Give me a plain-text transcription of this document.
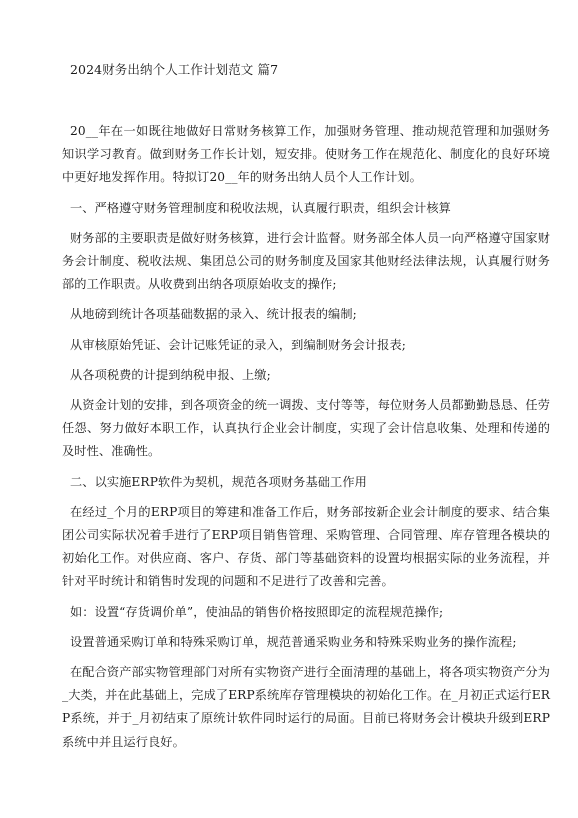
2024财务出纳个人工作计划范文 篇7

20__年在一如既往地做好日常财务核算工作，加强财务管理、推动规范管理和加强财务知识学习教育。做到财务工作长计划，短安排。使财务工作在规范化、制度化的良好环境中更好地发挥作用。特拟订20__年的财务出纳人员个人工作计划。

一、严格遵守财务管理制度和税收法规，认真履行职责，组织会计核算

财务部的主要职责是做好财务核算，进行会计监督。财务部全体人员一向严格遵守国家财务会计制度、税收法规、集团总公司的财务制度及国家其他财经法律法规，认真履行财务部的工作职责。从收费到出纳各项原始收支的操作;

从地磅到统计各项基础数据的录入、统计报表的编制;

从审核原始凭证、会计记账凭证的录入，到编制财务会计报表;

从各项税费的计提到纳税申报、上缴;

从资金计划的安排，到各项资金的统一调拨、支付等等，每位财务人员都勤勤恳恳、任劳任怨、努力做好本职工作，认真执行企业会计制度，实现了会计信息收集、处理和传递的及时性、准确性。

二、以实施ERP软件为契机，规范各项财务基础工作用

在经过_个月的ERP项目的筹建和准备工作后，财务部按新企业会计制度的要求、结合集团公司实际状况着手进行了ERP项目销售管理、采购管理、合同管理、库存管理各模块的初始化工作。对供应商、客户、存货、部门等基础资料的设置均根据实际的业务流程，并针对平时统计和销售时发现的问题和不足进行了改善和完善。

如：设置“存货调价单”，使油品的销售价格按照即定的流程规范操作;

设置普通采购订单和特殊采购订单，规范普通采购业务和特殊采购业务的操作流程;

在配合资产部实物管理部门对所有实物资产进行全面清理的基础上，将各项实物资产分为_大类，并在此基础上，完成了ERP系统库存管理模块的初始化工作。在_月初正式运行ERP系统，并于_月初结束了原统计软件同时运行的局面。目前已将财务会计模块升级到ERP系统中并且运行良好。
